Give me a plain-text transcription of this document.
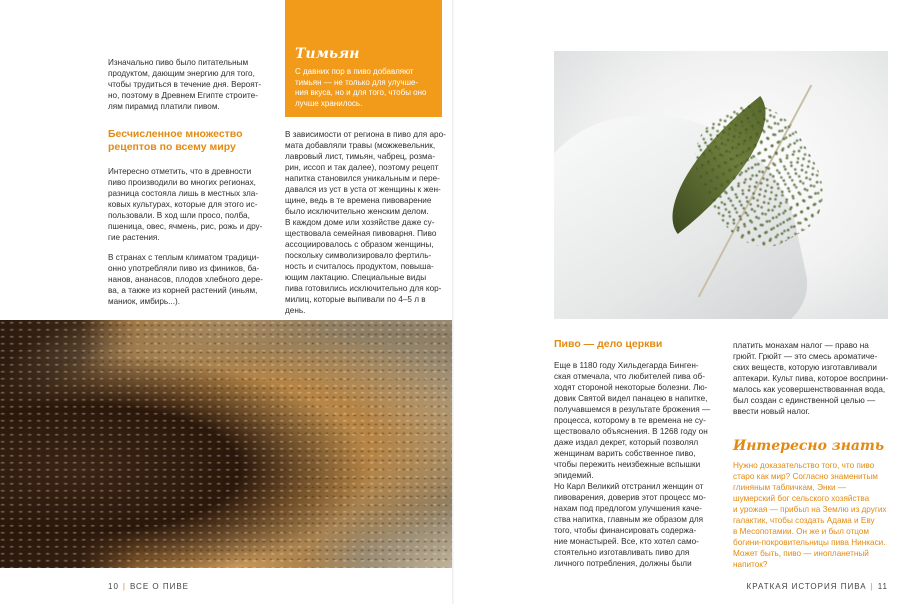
Изначально пиво было питательным
продуктом, дающим энергию для того,
чтобы трудиться в течение дня. Вероят-
но, поэтому в Древнем Египте строите-
лям пирамид платили пивом.
Бесчисленное множество
рецептов по всему миру
Интересно отметить, что в древности
пиво производили во многих регионах,
разница состояла лишь в местных зла-
ковых культурах, которые для этого ис-
пользовали. В ход шли просо, полба,
пшеница, овес, ячмень, рис, рожь и дру-
гие растения.
В странах с теплым климатом традици-
онно употребляли пиво из фиников, ба-
нанов, ананасов, плодов хлебного дере-
ва, а также из корней растений (иньям,
маниок, имбирь...).
Тимьян
С давних пор в пиво добавляют
тимьян — не только для улучше-
ния вкуса, но и для того, чтобы оно
лучше хранилось.
В зависимости от региона в пиво для аро-
мата добавляли травы (можжевельник,
лавровый лист, тимьян, чабрец, розма-
рин, иссоп и так далее), поэтому рецепт
напитка становился уникальным и пере-
давался из уст в уста от женщины к жен-
щине, ведь в те времена пивоварение
было исключительно женским делом.
В каждом доме или хозяйстве даже су-
ществовала семейная пивоварня. Пиво
ассоциировалось с образом женщины,
поскольку символизировало фертиль-
ность и считалось продуктом, повыша-
ющим лактацию. Специальные виды
пива готовились исключительно для кор-
милиц, которые выпивали по 4–5 л в день.
10 | ВСЕ О ПИВЕ
Пиво — дело церкви
Еще в 1180 году Хильдегарда Бинген-
ская отмечала, что любителей пива об-
ходят стороной некоторые болезни. Лю-
довик Святой видел панацею в напитке,
получавшемся в результате брожения —
процесса, которому в те времена не су-
ществовало объяснения. В 1268 году он
даже издал декрет, который позволял
женщинам варить собственное пиво,
чтобы пережить неизбежные вспышки
эпидемий.
Но Карл Великий отстранил женщин от
пивоварения, доверив этот процесс мо-
нахам под предлогом улучшения каче-
ства напитка, главным же образом для
того, чтобы финансировать содержа-
ние монастырей. Все, кто хотел само-
стоятельно изготавливать пиво для
личного потребления, должны были
платить монахам налог — право на
грюйт. Грюйт — это смесь ароматиче-
ских веществ, которую изготавливали
аптекари. Культ пива, которое восприни-
малось как усовершенствованная вода,
был создан с единственной целью —
ввести новый налог.
Интересно знать
Нужно доказательство того, что пиво
старо как мир? Согласно знаменитым
глиняным табличкам, Энки —
шумерский бог сельского хозяйства
и урожая — прибыл на Землю из других
галактик, чтобы создать Адама и Еву
в Месопотамии. Он же и был отцом
богини-покровительницы пива Нинкаси.
Может быть, пиво — инопланетный
напиток?
КРАТКАЯ ИСТОРИЯ ПИВА | 11
